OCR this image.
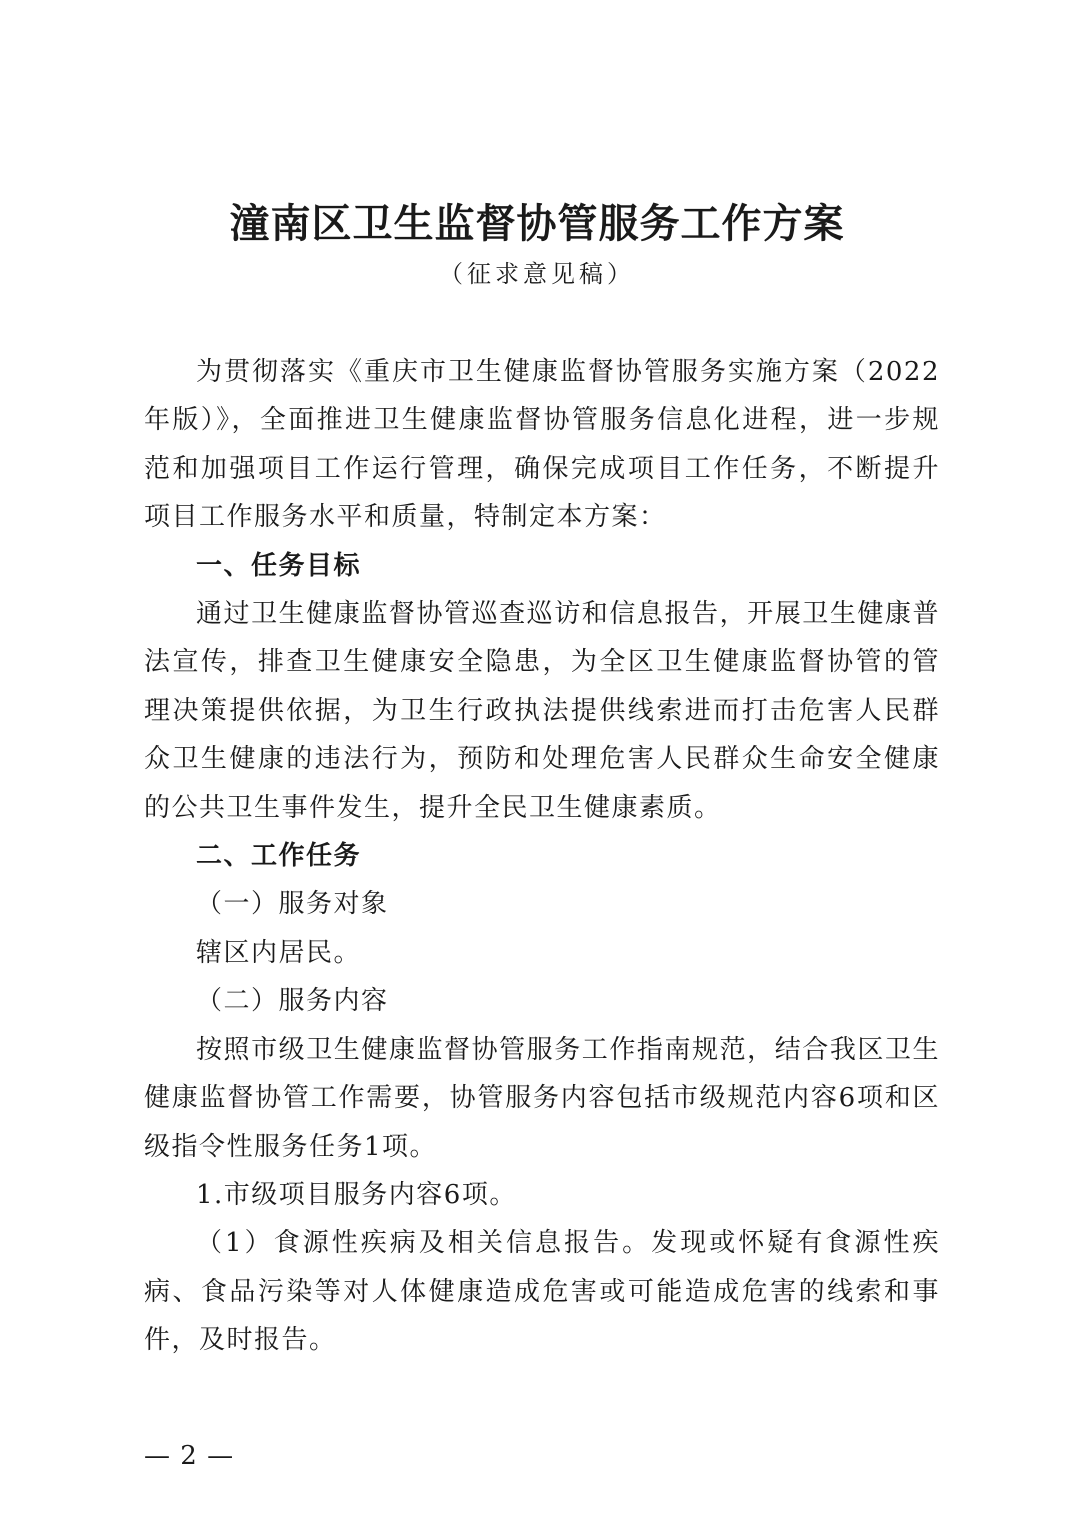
潼南区卫生监督协管服务工作方案
（征求意见稿）

为贯彻落实《重庆市卫生健康监督协管服务实施方案（2022年版）》，全面推进卫生健康监督协管服务信息化进程，进一步规范和加强项目工作运行管理，确保完成项目工作任务，不断提升项目工作服务水平和质量，特制定本方案：

一、任务目标

通过卫生健康监督协管巡查巡访和信息报告，开展卫生健康普法宣传，排查卫生健康安全隐患，为全区卫生健康监督协管的管理决策提供依据，为卫生行政执法提供线索进而打击危害人民群众卫生健康的违法行为，预防和处理危害人民群众生命安全健康的公共卫生事件发生，提升全民卫生健康素质。

二、工作任务

（一）服务对象

辖区内居民。

（二）服务内容

按照市级卫生健康监督协管服务工作指南规范，结合我区卫生健康监督协管工作需要，协管服务内容包括市级规范内容6项和区级指令性服务任务1项。

1.市级项目服务内容6项。

（1）食源性疾病及相关信息报告。发现或怀疑有食源性疾病、食品污染等对人体健康造成危害或可能造成危害的线索和事件，及时报告。

— 2 —
